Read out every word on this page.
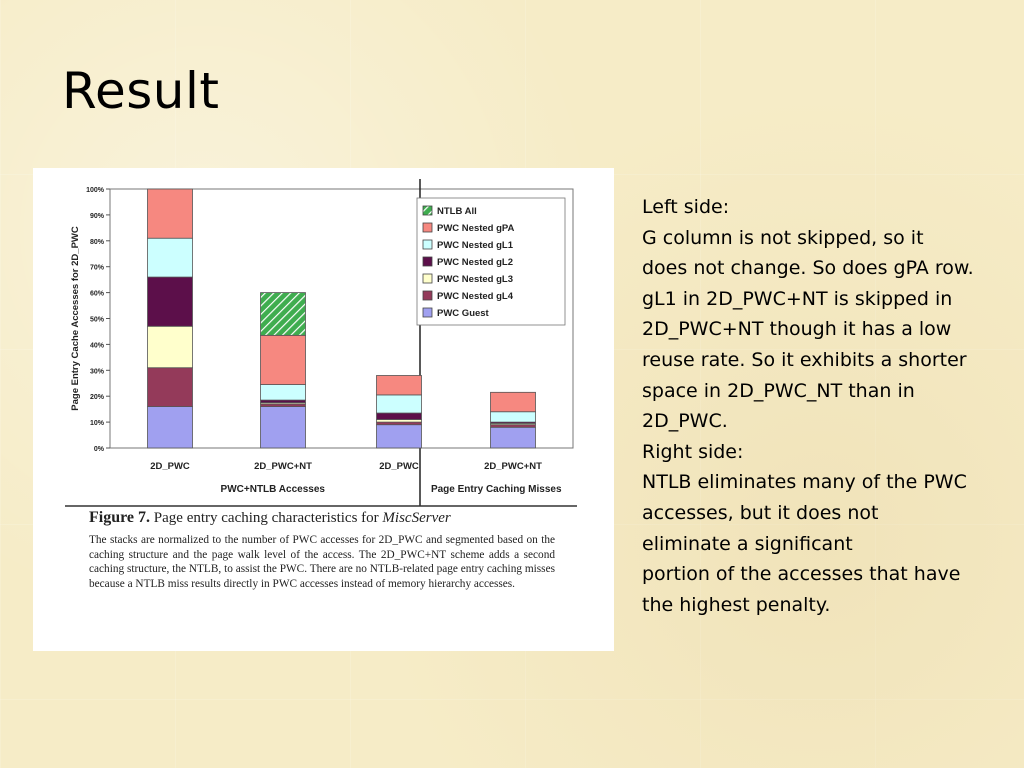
Result
0%
10%
20%
30%
40%
50%
60%
70%
80%
90%
100%
Page Entry Cache Accesses for 2D_PWC
2D_PWC	2D_PWC+NT	2D_PWC	2D_PWC+NT
PWC+NTLB Accesses	Page Entry Caching Misses
NTLB All
PWC Nested gPA
PWC Nested gL1
PWC Nested gL2
PWC Nested gL3
PWC Nested gL4
PWC Guest
Figure 7. Page entry caching characteristics for MiscServer
The stacks are normalized to the number of PWC accesses for 2D_PWC and segmented based on the caching structure and the page walk level of the access. The 2D_PWC+NT scheme adds a second caching structure, the NTLB, to assist the PWC. There are no NTLB-related page entry caching misses because a NTLB miss results directly in PWC accesses instead of memory hierarchy accesses.
Left side:
G column is not skipped, so it
does not change. So does gPA row.
gL1 in 2D_PWC+NT is skipped in
2D_PWC+NT though it has a low
reuse rate. So it exhibits a shorter
space in 2D_PWC_NT than in
2D_PWC.
Right side:
NTLB eliminates many of the PWC
accesses, but it does not
eliminate a significant
portion of the accesses that have
the highest penalty.
